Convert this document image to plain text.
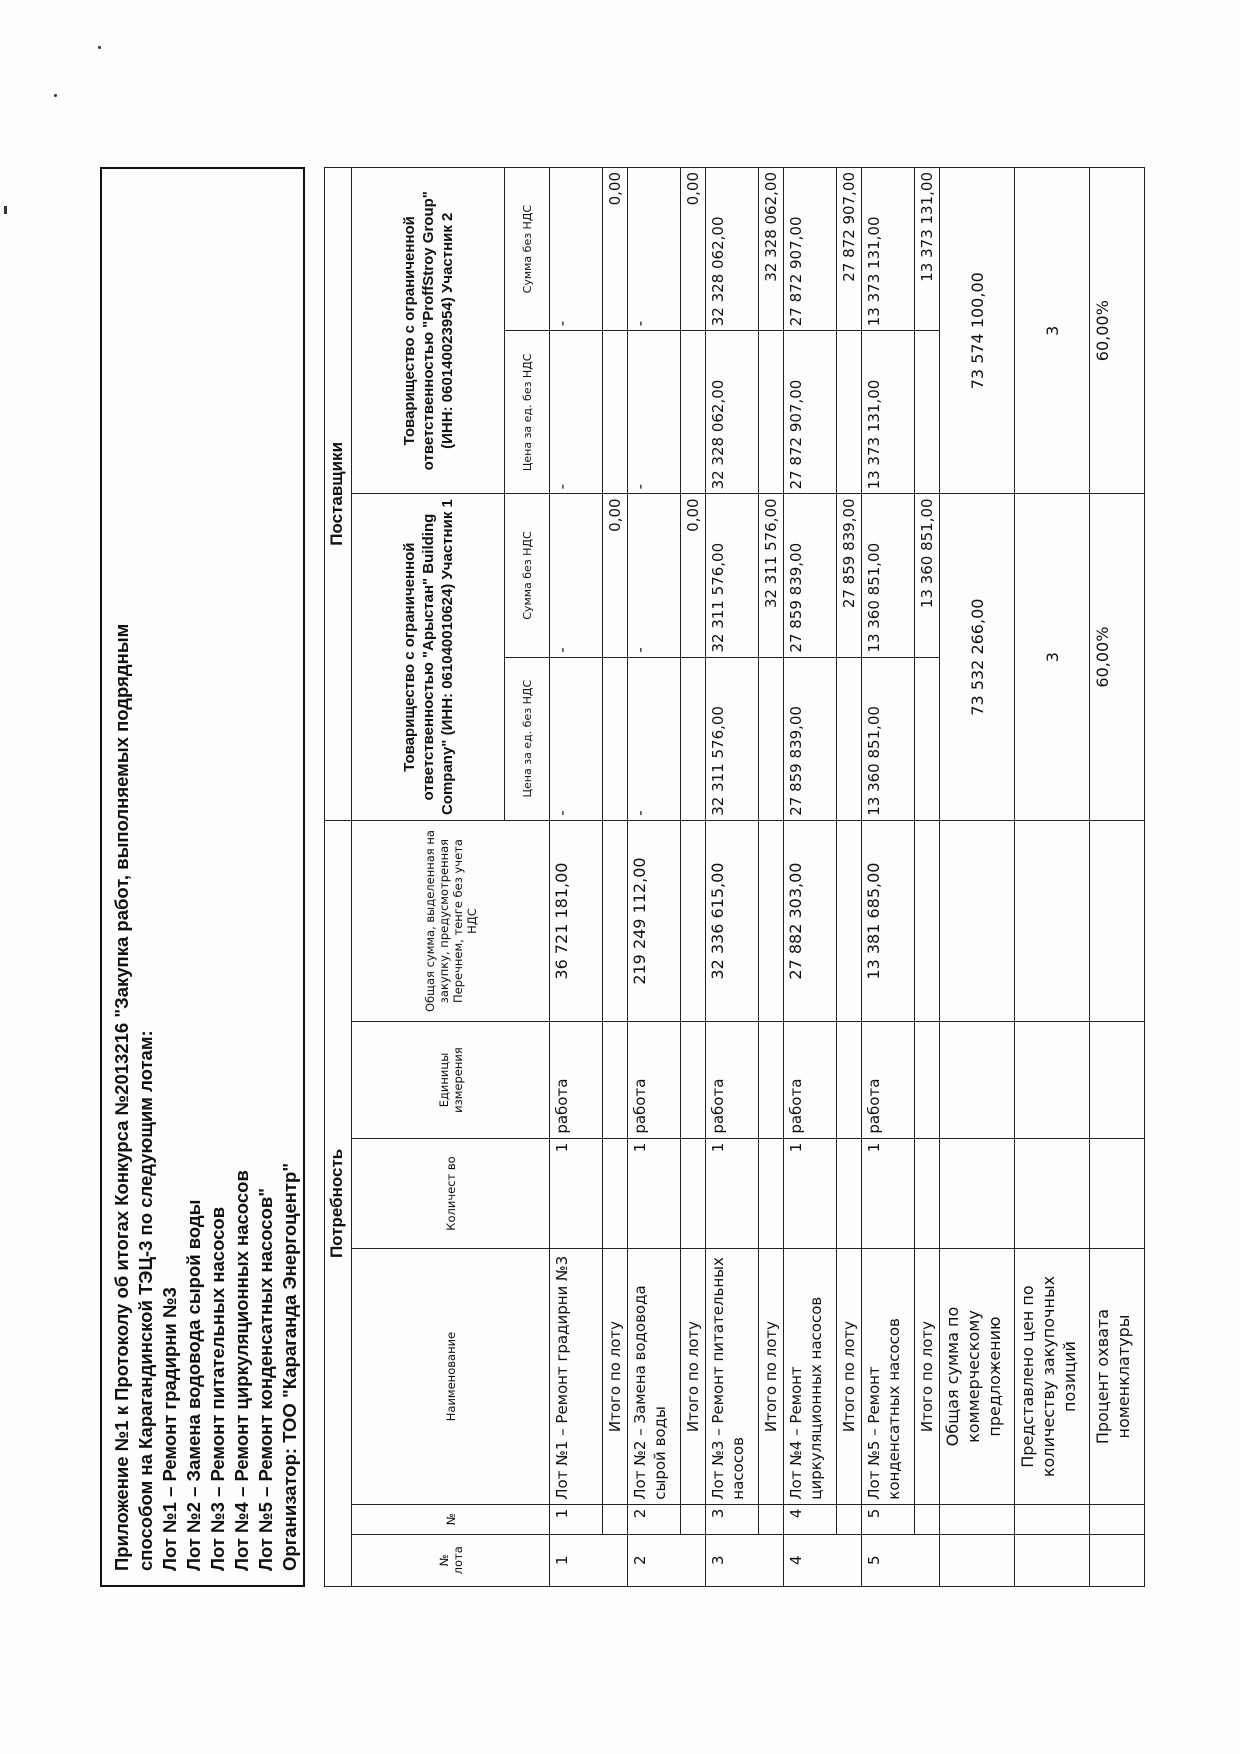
Приложение №1 к Протоколу об итогах Конкурса №2013216 "Закупка работ, выполняемых подрядным способом на Карагандинской ТЭЦ-3 по следующим лотам: Лот №1 – Ремонт градирни №3 Лот №2 – Замена водовода сырой воды Лот №3 – Ремонт питательных насосов Лот №4 – Ремонт циркуляционных насосов Лот №5 – Ремонт конденсатных насосов" Организатор: ТОО "Караганда Энергоцентр" Потребность						Поставщики			
№ лота	№	Наименование	Количест во	Единицы измерения	Общая сумма, выделенная на закупку, предусмотренная Перечнем, тенге без учета НДС	Товарищество с ограниченной ответственностью "Арыстан" Building Company" (ИНН: 061040010624) Участник 1		Товарищество с ограниченной ответственностью "ProffStroy Group" (ИНН: 060140023954) Участник 2	
						Цена за ед. без НДС	Сумма без НДС	Цена за ед. без НДС	Сумма без НДС
1	1	Лот №1 – Ремонт градирни №3	1	работа	36 721 181,00	-	-	-	-
		Итого по лоту					0,00		0,00
2	2	Лот №2 – Замена водовода сырой воды	1	работа	219 249 112,00	-	-	-	-
		Итого по лоту					0,00		0,00
3	3	Лот №3 – Ремонт питательных насосов	1	работа	32 336 615,00	32 311 576,00	32 311 576,00	32 328 062,00	32 328 062,00
		Итого по лоту					32 311 576,00		32 328 062,00
4	4	Лот №4 – Ремонт циркуляционных насосов	1	работа	27 882 303,00	27 859 839,00	27 859 839,00	27 872 907,00	27 872 907,00
		Итого по лоту					27 859 839,00		27 872 907,00
5	5	Лот №5 – Ремонт конденсатных насосов	1	работа	13 381 685,00	13 360 851,00	13 360 851,00	13 373 131,00	13 373 131,00
		Итого по лоту					13 360 851,00		13 373 131,00
		Общая сумма по коммерческому предложению				73 532 266,00		73 574 100,00	
		Представлено цен по количеству закупочных позиций				3		3	
		Процент охвата номенклатуры				60,00%		60,00%	
